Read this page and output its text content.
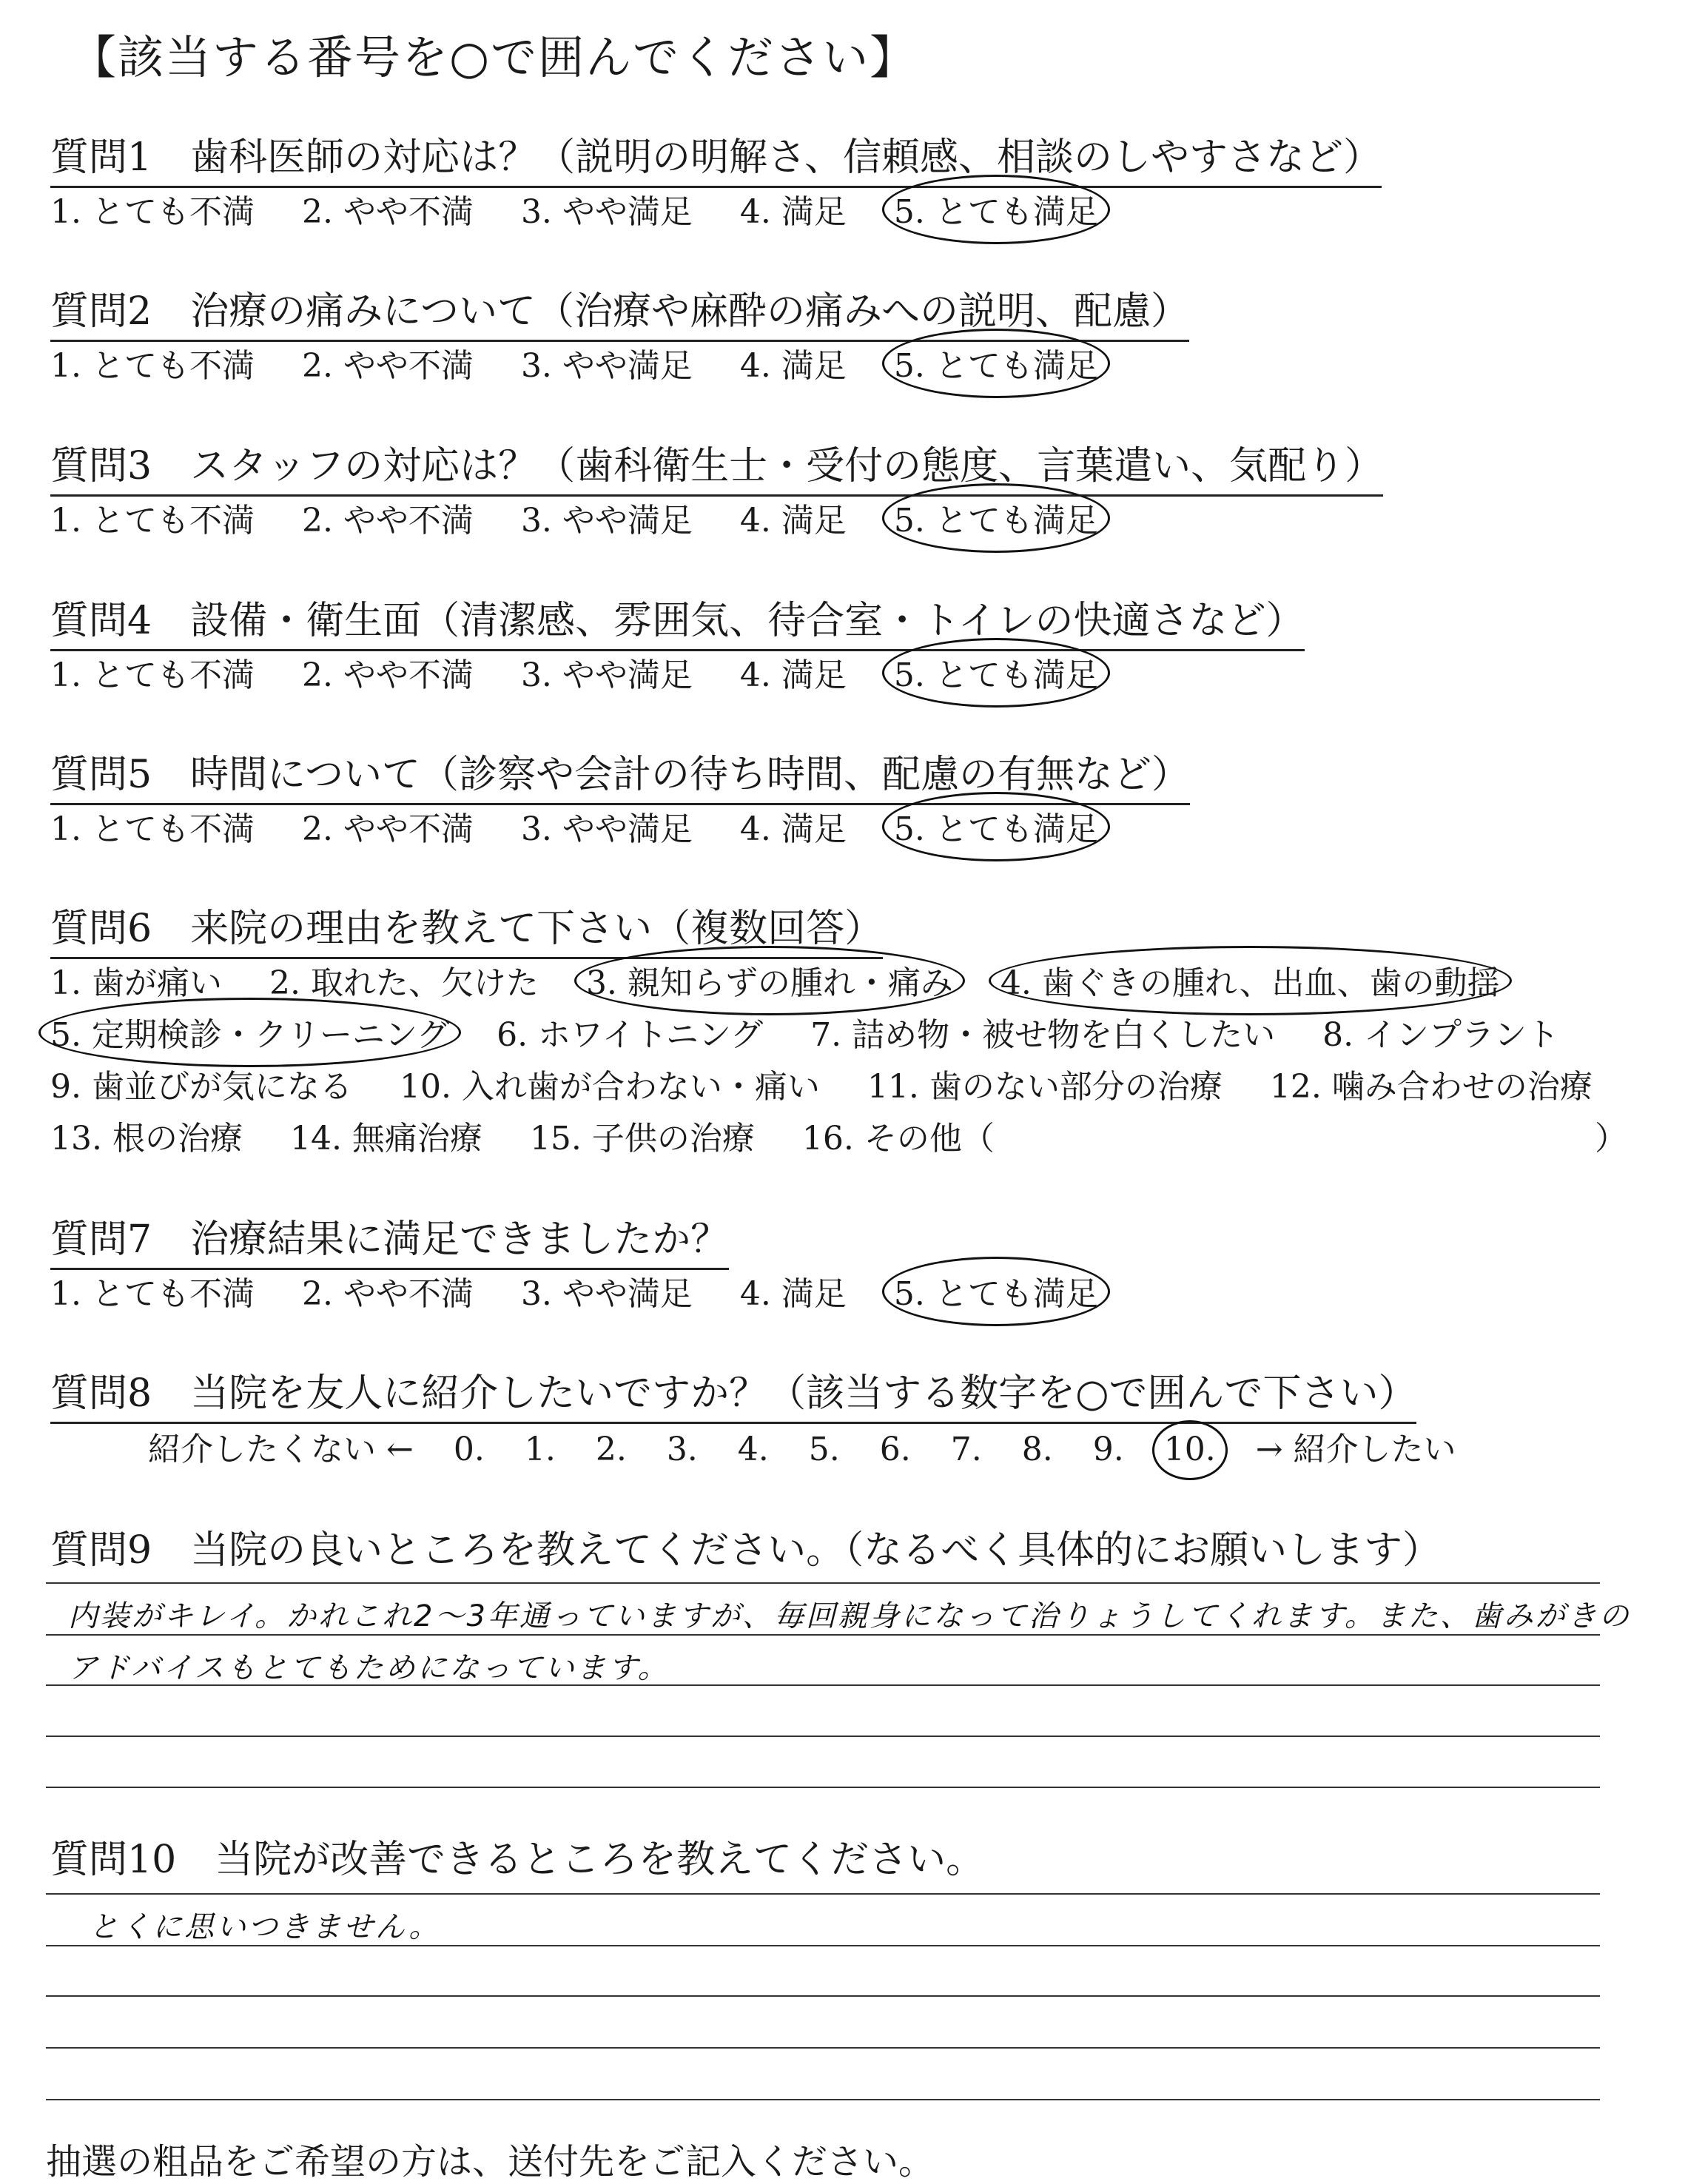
【該当する番号を○で囲んでください】
質問1　歯科医師の対応は？（説明の明解さ、信頼感、相談のしやすさなど）
1. とても不満 2. やや不満 3. やや満足 4. 満足 5. とても満足
質問2　治療の痛みについて（治療や麻酔の痛みへの説明、配慮）
1. とても不満 2. やや不満 3. やや満足 4. 満足 5. とても満足
質問3　スタッフの対応は？（歯科衛生士・受付の態度、言葉遣い、気配り）
1. とても不満 2. やや不満 3. やや満足 4. 満足 5. とても満足
質問4　設備・衛生面（清潔感、雰囲気、待合室・トイレの快適さなど）
1. とても不満 2. やや不満 3. やや満足 4. 満足 5. とても満足
質問5　時間について（診察や会計の待ち時間、配慮の有無など）
1. とても不満 2. やや不満 3. やや満足 4. 満足 5. とても満足
質問6　来院の理由を教えて下さい（複数回答）
1. 歯が痛い 2. 取れた、欠けた 3. 親知らずの腫れ・痛み 4. 歯ぐきの腫れ、出血、歯の動揺
5. 定期検診・クリーニング 6. ホワイトニング 7. 詰め物・被せ物を白くしたい 8. インプラント
9. 歯並びが気になる 10. 入れ歯が合わない・痛い 11. 歯のない部分の治療 12. 噛み合わせの治療
13. 根の治療 14. 無痛治療 15. 子供の治療 16. その他（	）
質問7　治療結果に満足できましたか？
1. とても不満 2. やや不満 3. やや満足 4. 満足 5. とても満足
質問8　当院を友人に紹介したいですか？（該当する数字を○で囲んで下さい）
紹介したくない ← 0. 1. 2. 3. 4. 5. 6. 7. 8. 9. 10. → 紹介したい
質問9　当院の良いところを教えてください。（なるべく具体的にお願いします）
内装がキレイ。かれこれ2〜3年通っていますが、毎回親身になって治りょうしてくれます。また、歯みがきの
アドバイスもとてもためになっています。
質問10　当院が改善できるところを教えてください。
とくに思いつきません。
抽選の粗品をご希望の方は、送付先をご記入ください。
